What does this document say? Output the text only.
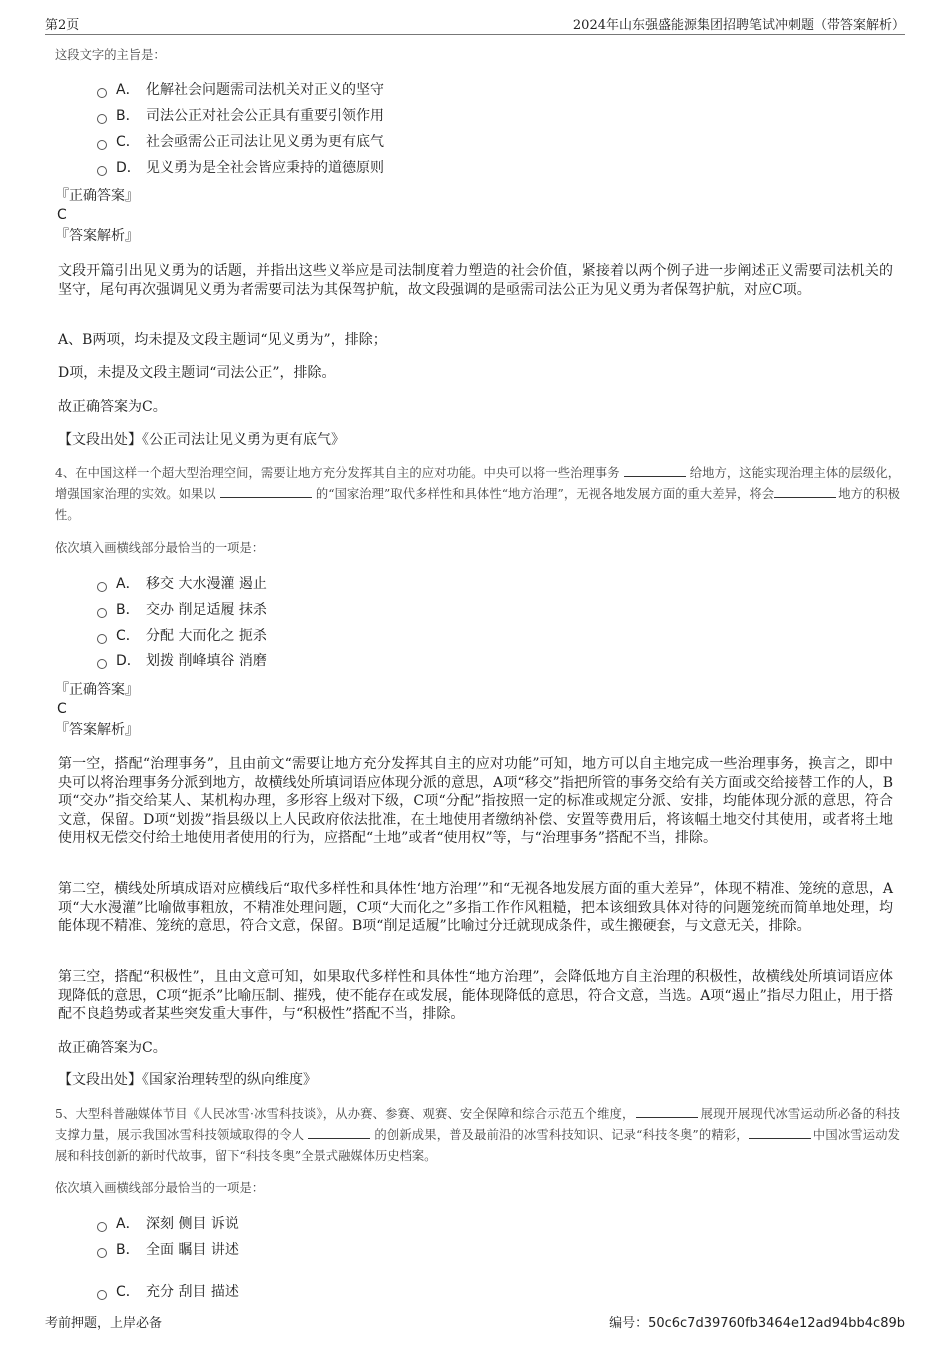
第2页	2024年山东强盛能源集团招聘笔试冲刺题（带答案解析）
这段文字的主旨是：
A． 化解社会问题需司法机关对正义的坚守
B． 司法公正对社会公正具有重要引领作用
C． 社会亟需公正司法让见义勇为更有底气
D． 见义勇为是全社会皆应秉持的道德原则
『正确答案』
C
『答案解析』
文段开篇引出见义勇为的话题，并指出这些义举应是司法制度着力塑造的社会价值，紧接着以两个例子进一步阐述正义需要司法机关的坚守，尾句再次强调见义勇为者需要司法为其保驾护航，故文段强调的是亟需司法公正为见义勇为者保驾护航，对应C项。
A、B两项，均未提及文段主题词“见义勇为”，排除；
D项，未提及文段主题词“司法公正”，排除。
故正确答案为C。
【文段出处】《公正司法让见义勇为更有底气》
4、在中国这样一个超大型治理空间，需要让地方充分发挥其自主的应对功能。中央可以将一些治理事务	给地方，这能实现治理主体的层级化，增强国家治理的实效。如果以	的“国家治理”取代多样性和具体性“地方治理”，无视各地发展方面的重大差异，将会	地方的积极性。
依次填入画横线部分最恰当的一项是：
A． 移交 大水漫灌 遏止
B． 交办 削足适履 抹杀
C． 分配 大而化之 扼杀
D． 划拨 削峰填谷 消磨
『正确答案』
C
『答案解析』
第一空，搭配“治理事务”，且由前文“需要让地方充分发挥其自主的应对功能”可知，地方可以自主地完成一些治理事务，换言之，即中央可以将治理事务分派到地方，故横线处所填词语应体现分派的意思，A项“移交”指把所管的事务交给有关方面或交给接替工作的人，B项“交办”指交给某人、某机构办理，多形容上级对下级，C项“分配”指按照一定的标准或规定分派、安排，均能体现分派的意思，符合文意，保留。D项“划拨”指县级以上人民政府依法批准，在土地使用者缴纳补偿、安置等费用后，将该幅土地交付其使用，或者将土地使用权无偿交付给土地使用者使用的行为，应搭配“土地”或者“使用权”等，与“治理事务”搭配不当，排除。
第二空，横线处所填成语对应横线后“取代多样性和具体性‘地方治理’”和“无视各地发展方面的重大差异”，体现不精准、笼统的意思，A项“大水漫灌”比喻做事粗放，不精准处理问题，C项“大而化之”多指工作作风粗糙，把本该细致具体对待的问题笼统而简单地处理，均能体现不精准、笼统的意思，符合文意，保留。B项“削足适履”比喻过分迁就现成条件，或生搬硬套，与文意无关，排除。
第三空，搭配“积极性”，且由文意可知，如果取代多样性和具体性“地方治理”，会降低地方自主治理的积极性，故横线处所填词语应体现降低的意思，C项“扼杀”比喻压制、摧残，使不能存在或发展，能体现降低的意思，符合文意，当选。A项“遏止”指尽力阻止，用于搭配不良趋势或者某些突发重大事件，与“积极性”搭配不当，排除。
故正确答案为C。
【文段出处】《国家治理转型的纵向维度》
5、大型科普融媒体节目《人民冰雪·冰雪科技谈》，从办赛、参赛、观赛、安全保障和综合示范五个维度，	展现开展现代冰雪运动所必备的科技支撑力量，展示我国冰雪科技领域取得的令人	的创新成果，普及最前沿的冰雪科技知识、记录“科技冬奥”的精彩，	中国冰雪运动发展和科技创新的新时代故事，留下“科技冬奥”全景式融媒体历史档案。
依次填入画横线部分最恰当的一项是：
A． 深刻 侧目 诉说
B． 全面 瞩目 讲述
C． 充分 刮目 描述
考前押题，上岸必备	编号：50c6c7d39760fb3464e12ad94bb4c89b
